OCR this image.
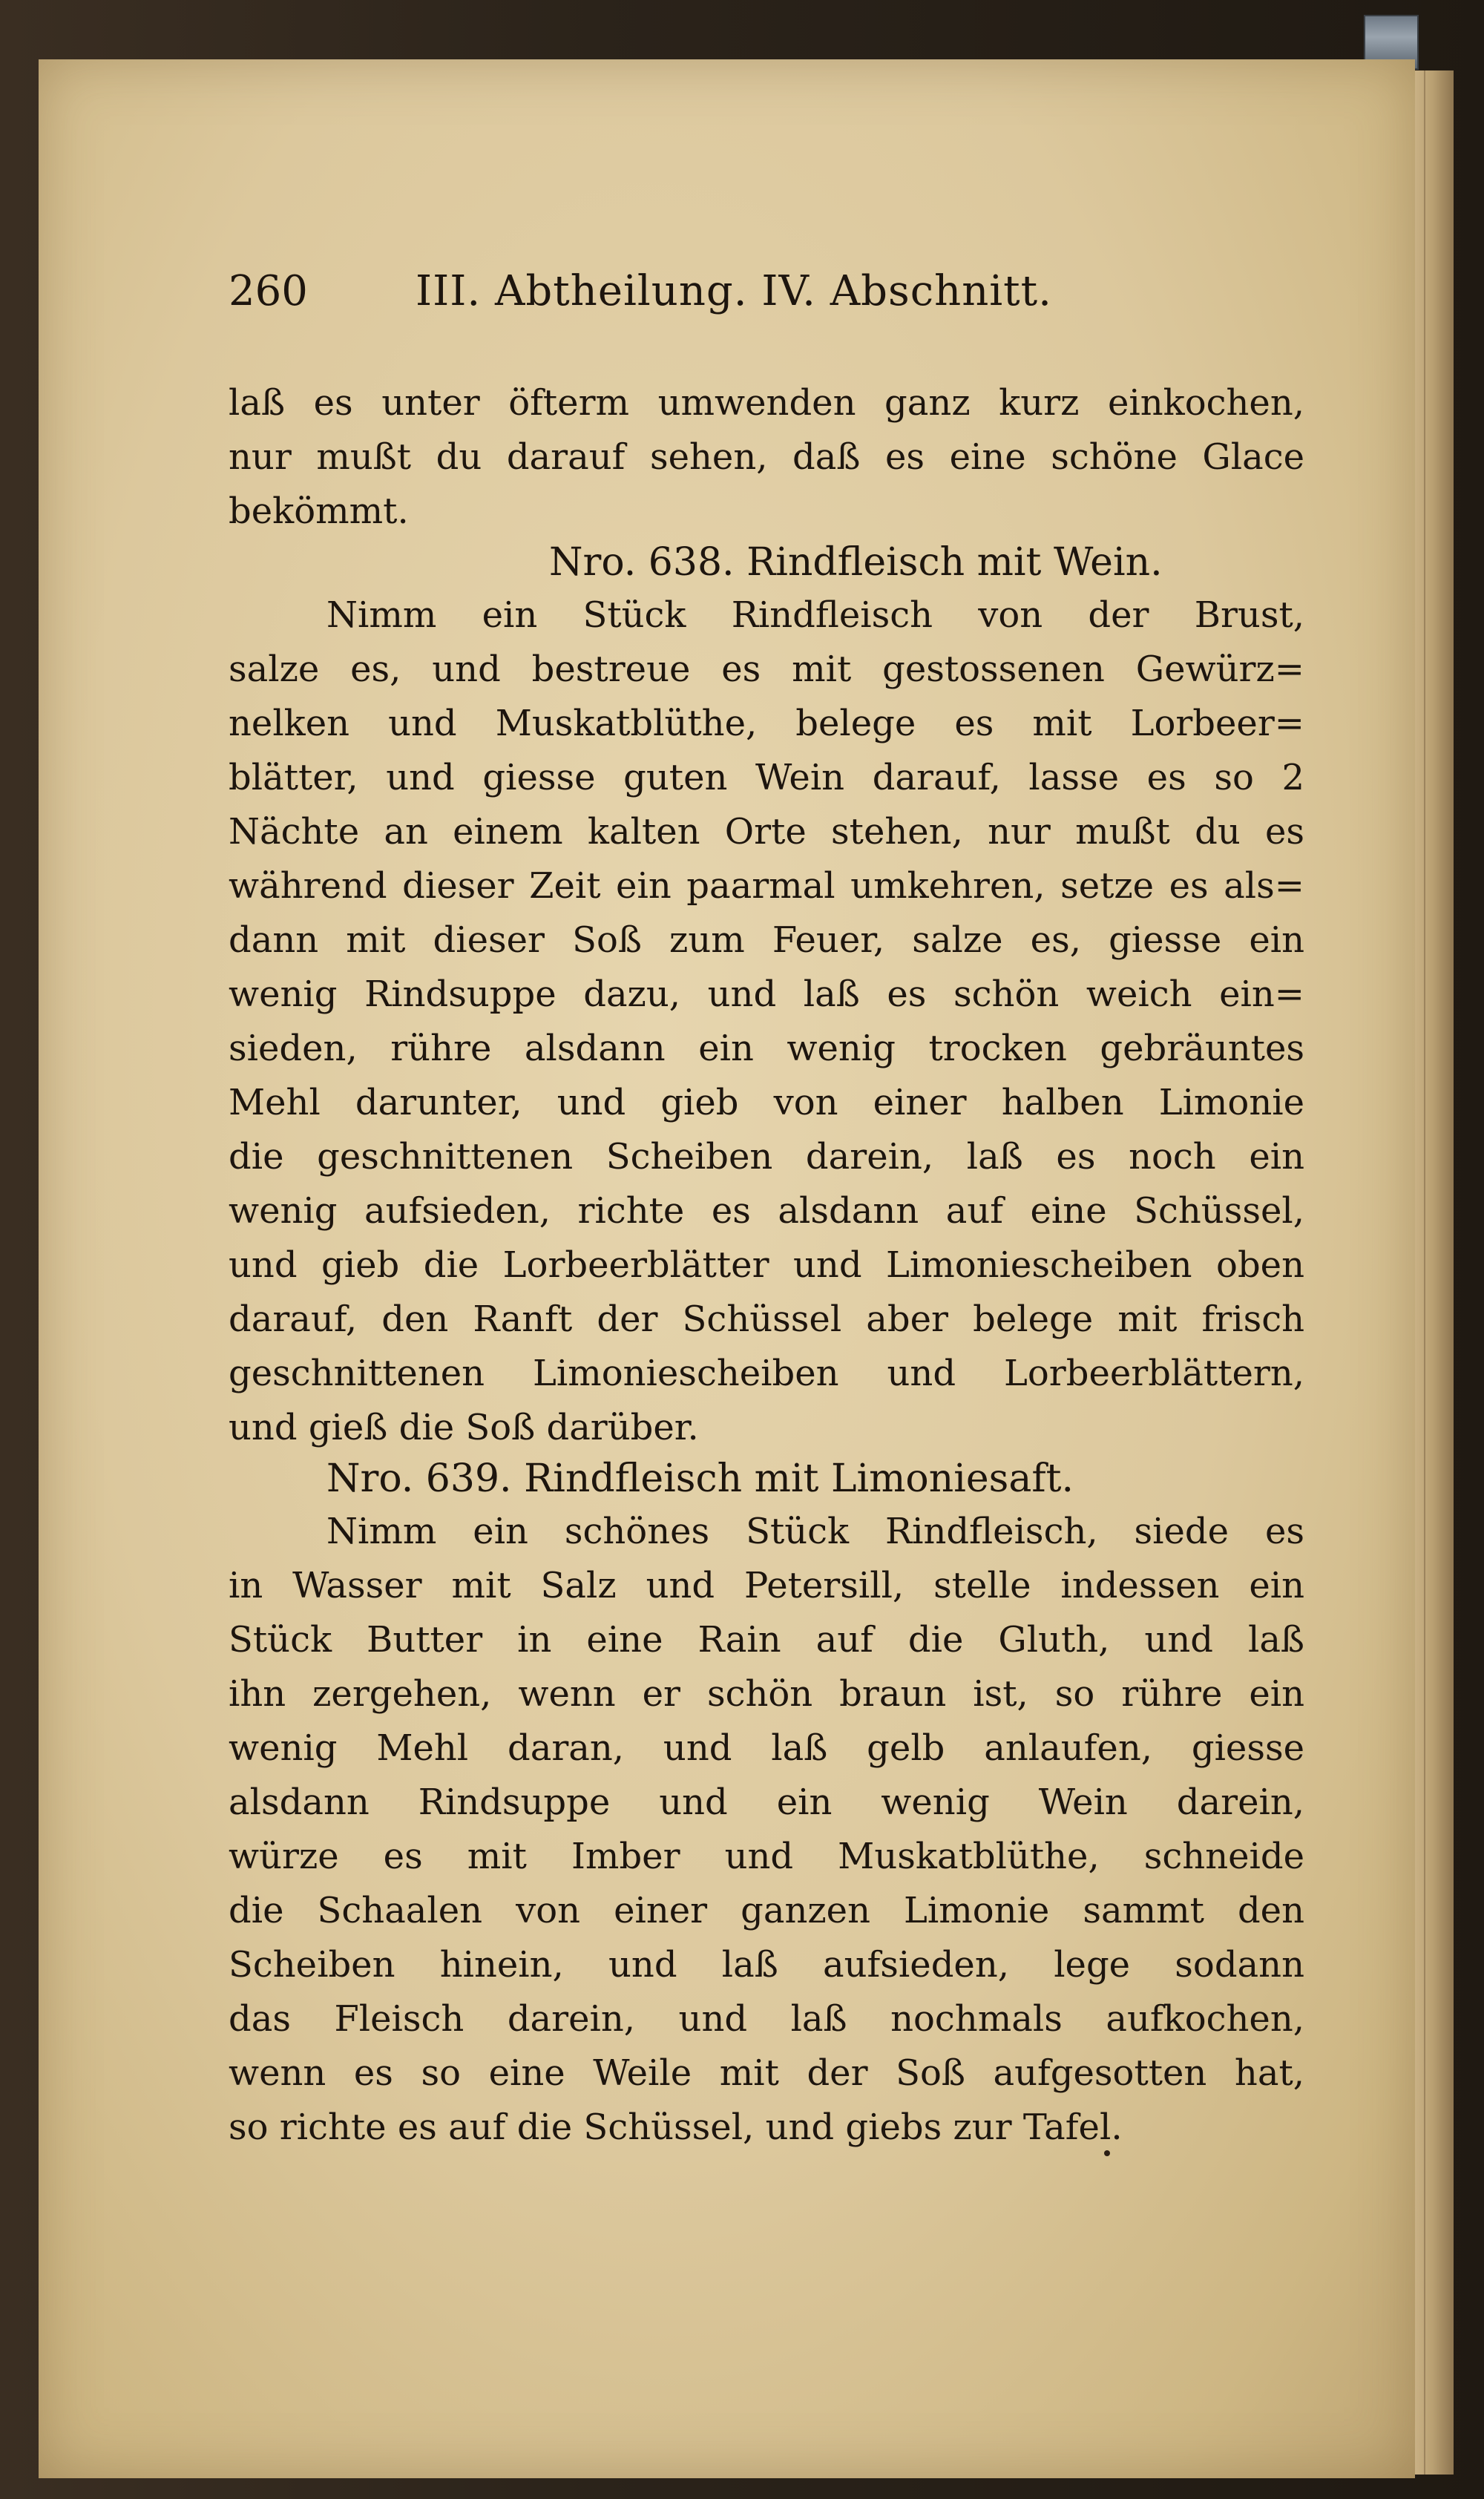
260	III. Abtheilung. IV. Abschnitt.
laß es unter öfterm umwenden ganz kurz einkochen,
nur mußt du darauf sehen, daß es eine schöne Glace
bekömmt.
Nro. 638. Rindfleisch mit Wein.
Nimm ein Stück Rindfleisch von der Brust,
salze es, und bestreue es mit gestossenen Gewürz=
nelken und Muskatblüthe, belege es mit Lorbeer=
blätter, und giesse guten Wein darauf, lasse es so 2
Nächte an einem kalten Orte stehen, nur mußt du es
während dieser Zeit ein paarmal umkehren, setze es als=
dann mit dieser Soß zum Feuer, salze es, giesse ein
wenig Rindsuppe dazu, und laß es schön weich ein=
sieden, rühre alsdann ein wenig trocken gebräuntes
Mehl darunter, und gieb von einer halben Limonie
die geschnittenen Scheiben darein, laß es noch ein
wenig aufsieden, richte es alsdann auf eine Schüssel,
und gieb die Lorbeerblätter und Limoniescheiben oben
darauf, den Ranft der Schüssel aber belege mit frisch
geschnittenen Limoniescheiben und Lorbeerblättern,
und gieß die Soß darüber.
Nro. 639. Rindfleisch mit Limoniesaft.
Nimm ein schönes Stück Rindfleisch, siede es
in Wasser mit Salz und Petersill, stelle indessen ein
Stück Butter in eine Rain auf die Gluth, und laß
ihn zergehen, wenn er schön braun ist, so rühre ein
wenig Mehl daran, und laß gelb anlaufen, giesse
alsdann Rindsuppe und ein wenig Wein darein,
würze es mit Imber und Muskatblüthe, schneide
die Schaalen von einer ganzen Limonie sammt den
Scheiben hinein, und laß aufsieden, lege sodann
das Fleisch darein, und laß nochmals aufkochen,
wenn es so eine Weile mit der Soß aufgesotten hat,
so richte es auf die Schüssel, und giebs zur Tafel.
